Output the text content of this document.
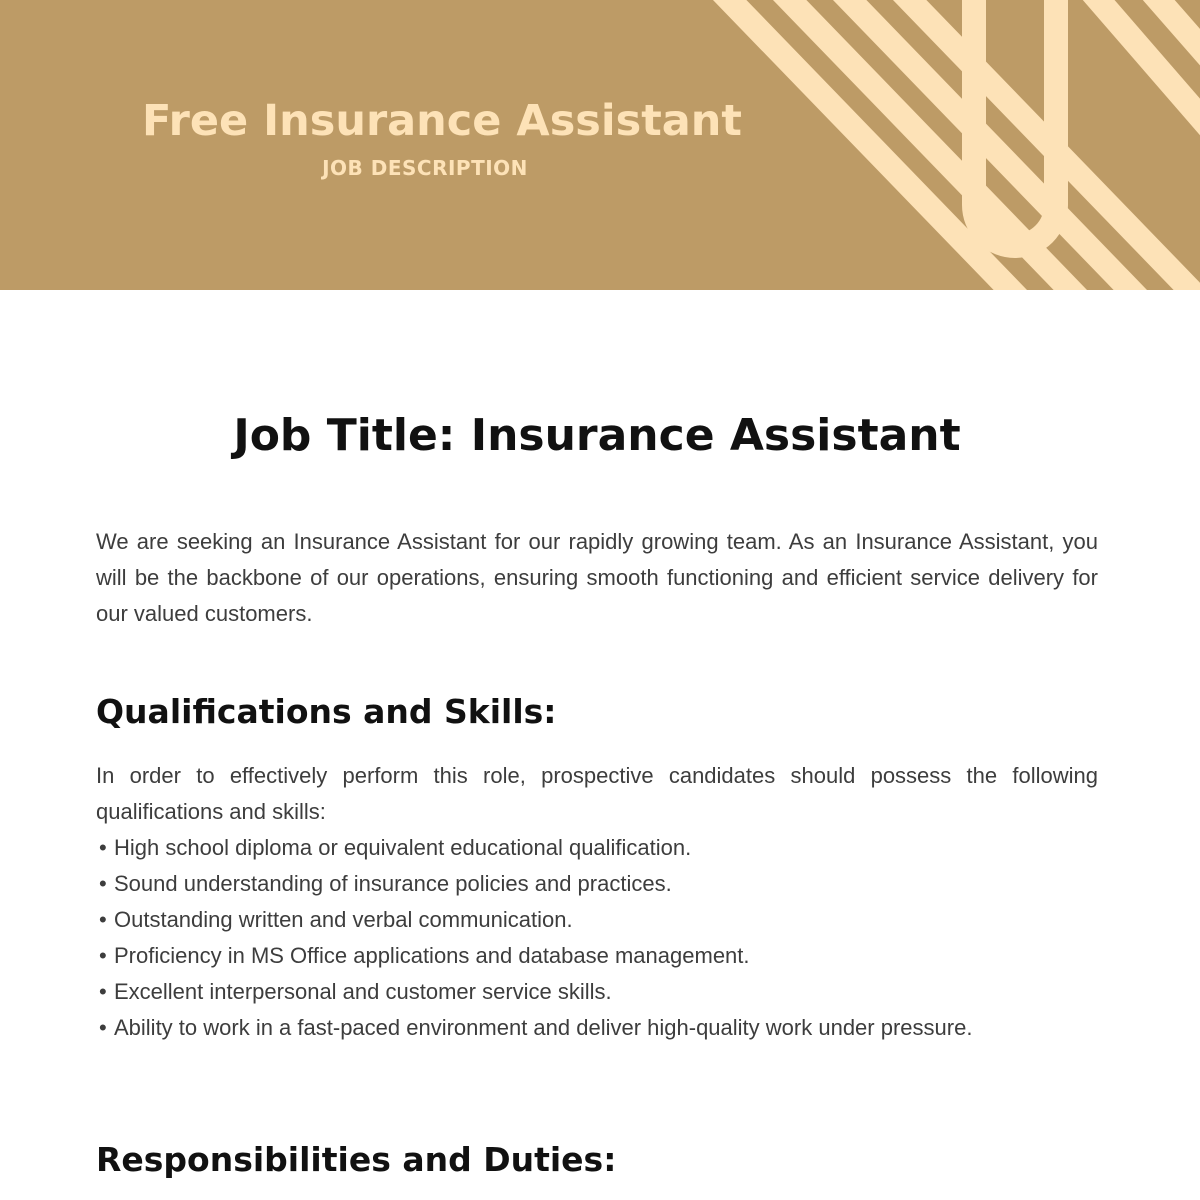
Free Insurance Assistant
JOB DESCRIPTION
Job Title: Insurance Assistant

We are seeking an Insurance Assistant for our rapidly growing team. As an Insurance Assistant, you will be the backbone of our operations, ensuring smooth functioning and efficient service delivery for our valued customers.

Qualifications and Skills:

In order to effectively perform this role, prospective candidates should possess the following qualifications and skills:

• High school diploma or equivalent educational qualification.
• Sound understanding of insurance policies and practices.
• Outstanding written and verbal communication.
• Proficiency in MS Office applications and database management.
• Excellent interpersonal and customer service skills.
• Ability to work in a fast-paced environment and deliver high-quality work under pressure.
Responsibilities and Duties:
